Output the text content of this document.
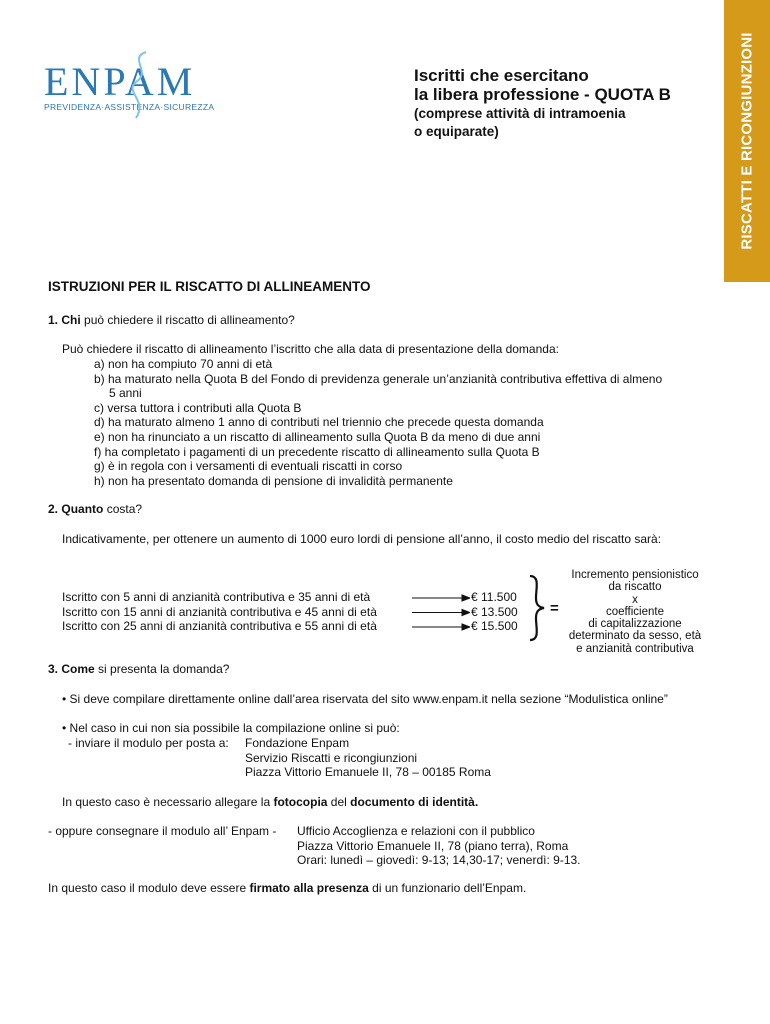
ENPAM
PREVIDENZA·ASSISTENZA·SICUREZZA	RISCATTI E RICONGIUNZIONI
Iscritti che esercitano
la libera professione - QUOTA B
(comprese attività di intramoenia
o equiparate)
ISTRUZIONI PER IL RISCATTO DI ALLINEAMENTO
1. Chi può chiedere il riscatto di allineamento?
Può chiedere il riscatto di allineamento l’iscritto che alla data di presentazione della domanda:
a) non ha compiuto 70 anni di età
b) ha maturato nella Quota B del Fondo di previdenza generale un’anzianità contributiva effettiva di almeno
5 anni
c) versa tuttora i contributi alla Quota B
d) ha maturato almeno 1 anno di contributi nel triennio che precede questa domanda
e) non ha rinunciato a un riscatto di allineamento sulla Quota B da meno di due anni
f) ha completato i pagamenti di un precedente riscatto di allineamento sulla Quota B
g) è in regola con i versamenti di eventuali riscatti in corso
h) non ha presentato domanda di pensione di invalidità permanente
2. Quanto costa?
Indicativamente, per ottenere un aumento di 1000 euro lordi di pensione all’anno, il costo medio del riscatto sarà:
Iscritto con 5 anni di anzianità contributiva e 35 anni di età
Iscritto con 15 anni di anzianità contributiva e 45 anni di età
Iscritto con 25 anni di anzianità contributiva e 55 anni di età
€ 11.500
€ 13.500
€ 15.500
=
Incremento pensionistico
da riscatto
x
coefficiente
di capitalizzazione
determinato da sesso, età
e anzianità contributiva
3. Come si presenta la domanda?
• Si deve compilare direttamente online dall’area riservata del sito www.enpam.it nella sezione “Modulistica online”
• Nel caso in cui non sia possibile la compilazione online si può:
- inviare il modulo per posta a: Fondazione Enpam
Servizio Riscatti e ricongiunzioni
Piazza Vittorio Emanuele II, 78 – 00185 Roma
In questo caso è necessario allegare la fotocopia del documento di identità.
- oppure consegnare il modulo all’ Enpam - Ufficio Accoglienza e relazioni con il pubblico
Piazza Vittorio Emanuele II, 78 (piano terra), Roma
Orari: lunedì – giovedì: 9-13; 14,30-17; venerdì: 9-13.
In questo caso il modulo deve essere firmato alla presenza di un funzionario dell’Enpam.
